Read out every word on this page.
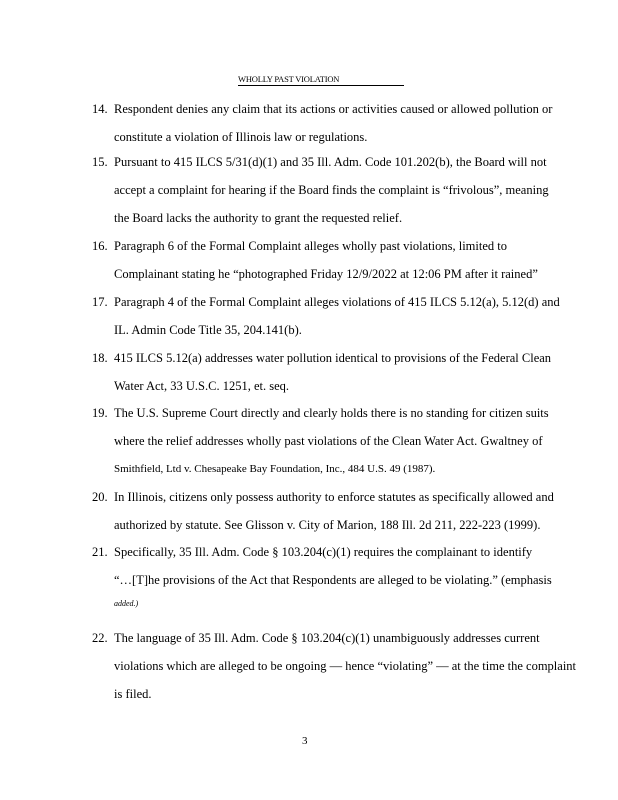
WHOLLY PAST VIOLATION
14. Respondent denies any claim that its actions or activities caused or allowed pollution or
constitute a violation of Illinois law or regulations.
15. Pursuant to 415 ILCS 5/31(d)(1) and 35 Ill. Adm. Code 101.202(b), the Board will not
accept a complaint for hearing if the Board finds the complaint is “frivolous”, meaning
the Board lacks the authority to grant the requested relief.
16. Paragraph 6 of the Formal Complaint alleges wholly past violations, limited to
Complainant stating he “photographed Friday 12/9/2022 at 12:06 PM after it rained”
17. Paragraph 4 of the Formal Complaint alleges violations of 415 ILCS 5.12(a), 5.12(d) and
IL. Admin Code Title 35, 204.141(b).
18. 415 ILCS 5.12(a) addresses water pollution identical to provisions of the Federal Clean
Water Act, 33 U.S.C. 1251, et. seq.
19. The U.S. Supreme Court directly and clearly holds there is no standing for citizen suits
where the relief addresses wholly past violations of the Clean Water Act. Gwaltney of
Smithfield, Ltd v. Chesapeake Bay Foundation, Inc., 484 U.S. 49 (1987).
20. In Illinois, citizens only possess authority to enforce statutes as specifically allowed and
authorized by statute. See Glisson v. City of Marion, 188 Ill. 2d 211, 222-223 (1999).
21. Specifically, 35 Ill. Adm. Code § 103.204(c)(1) requires the complainant to identify
“…[T]he provisions of the Act that Respondents are alleged to be violating.” (emphasis
added.)
22. The language of 35 Ill. Adm. Code § 103.204(c)(1) unambiguously addresses current
violations which are alleged to be ongoing — hence “violating” — at the time the complaint
is filed.
3
